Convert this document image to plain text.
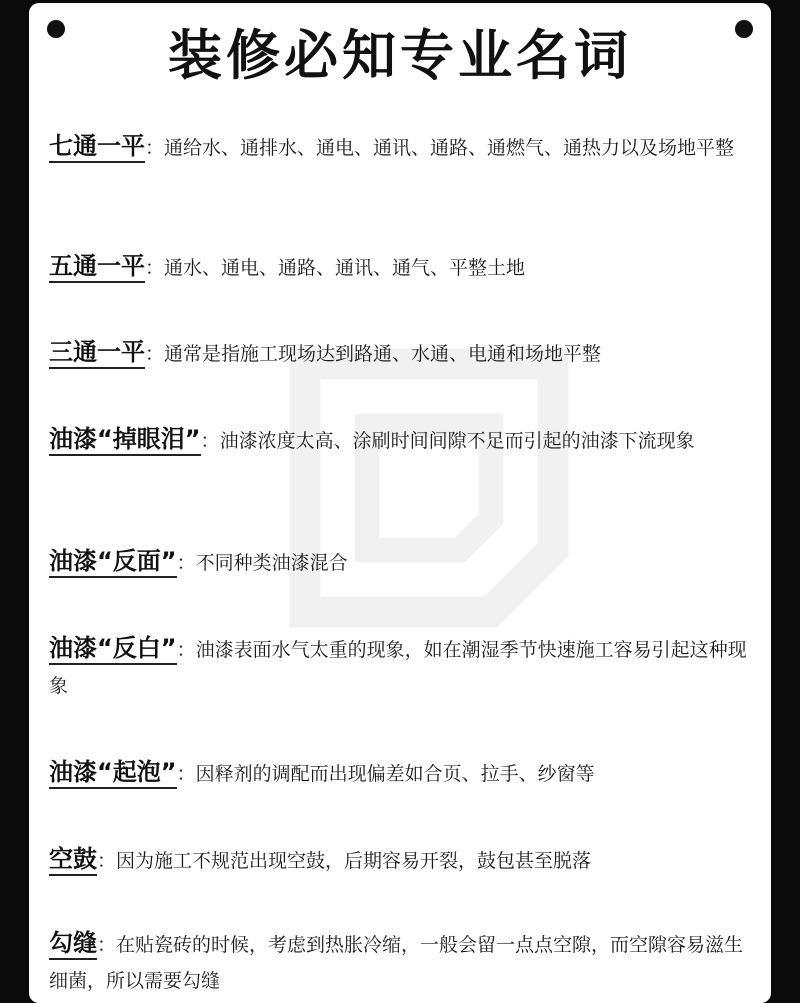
装修必知专业名词
七通一平：通给水、通排水、通电、通讯、通路、通燃气、通热力以及场地平整
五通一平：通水、通电、通路、通讯、通气、平整土地
三通一平：通常是指施工现场达到路通、水通、电通和场地平整
油漆“掉眼泪”：油漆浓度太高、涂刷时间间隙不足而引起的油漆下流现象
油漆“反面”：不同种类油漆混合
油漆“反白”：油漆表面水气太重的现象，如在潮湿季节快速施工容易引起这种现象
油漆“起泡”：因释剂的调配而出现偏差如合页、拉手、纱窗等
空鼓：因为施工不规范出现空鼓，后期容易开裂，鼓包甚至脱落
勾缝：在贴瓷砖的时候，考虑到热胀冷缩，一般会留一点点空隙，而空隙容易滋生细菌，所以需要勾缝
